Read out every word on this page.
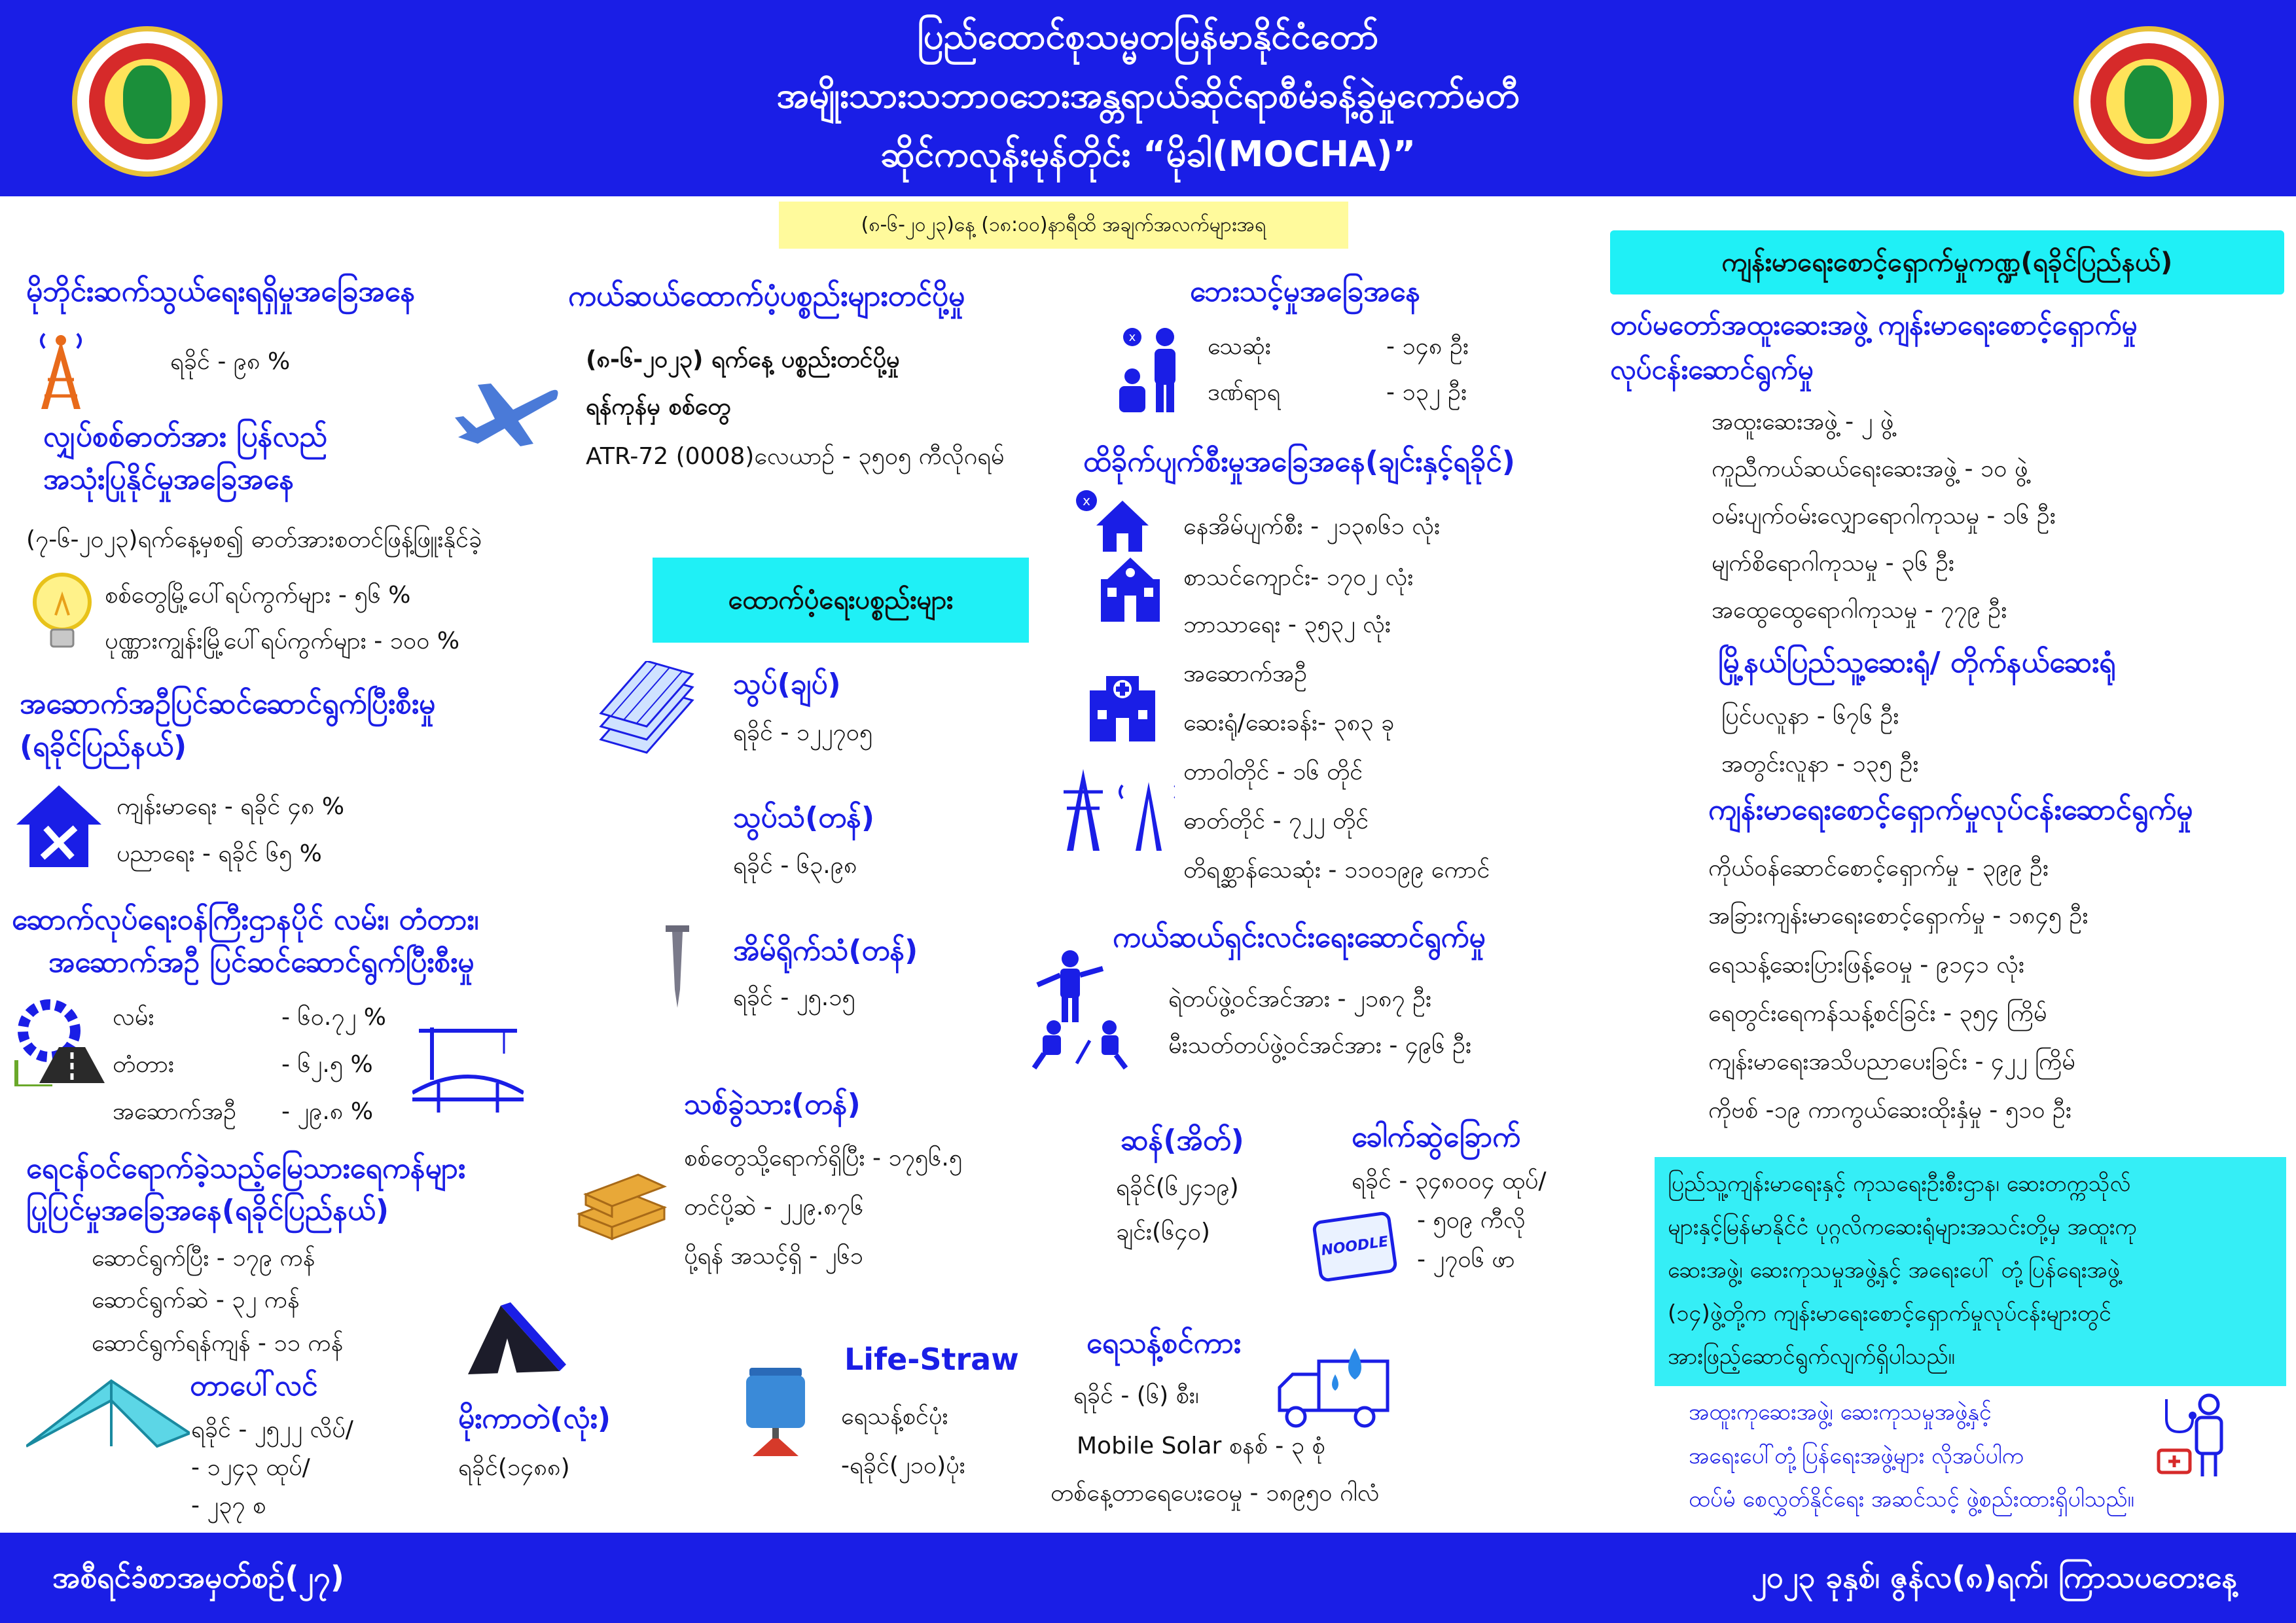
ပြည်ထောင်စုသမ္မတမြန်မာနိုင်ငံတော်
အမျိုးသားသဘာဝဘေးအန္တရာယ်ဆိုင်ရာစီမံခန့်ခွဲမှုကော်မတီ
ဆိုင်ကလုန်းမုန်တိုင်း “မိုခါ(MOCHA)”
(၈-၆-၂၀၂၃)နေ့ (၁၈:၀၀)နာရီထိ အချက်အလက်များအရ
မိုဘိုင်းဆက်သွယ်ရေးရရှိမှုအခြေအနေ
ရခိုင် - ၉၈ %
လျှပ်စစ်ဓာတ်အား ပြန်လည်
အသုံးပြုနိုင်မှုအခြေအနေ
(၇-၆-၂၀၂၃)ရက်နေ့မှစ၍ ဓာတ်အားစတင်ဖြန့်ဖြူးနိုင်ခဲ့
စစ်တွေမြို့ပေါ်ရပ်ကွက်များ - ၅၆ %
ပုဏ္ဏားကျွန်းမြို့ပေါ်ရပ်ကွက်များ - ၁၀၀ %
အဆောက်အဦပြင်ဆင်ဆောင်ရွက်ပြီးစီးမှု
(ရခိုင်ပြည်နယ်)
ကျန်းမာရေး - ရခိုင် ၄၈ %
ပညာရေး - ရခိုင် ၆၅ %
ဆောက်လုပ်ရေးဝန်ကြီးဌာနပိုင် လမ်း၊ တံတား၊
အဆောက်အဦ ပြင်ဆင်ဆောင်ရွက်ပြီးစီးမှု
လမ်း	- ၆၀.၇၂ %
တံတား	- ၆၂.၅ %
အဆောက်အဦ - ၂၉.၈ %
ရေငန်ဝင်ရောက်ခဲ့သည့်မြေသားရေကန်များ
ပြုပြင်မှုအခြေအနေ(ရခိုင်ပြည်နယ်)
ဆောင်ရွက်ပြီး - ၁၇၉ ကန်
ဆောင်ရွက်ဆဲ - ၃၂ ကန်
ဆောင်ရွက်ရန်ကျန် - ၁၁ ကန်
တာပေါ်လင်
ရခိုင် - ၂၅၂၂ လိပ်/
- ၁၂၄၃ ထုပ်/
- ၂၃၇ စ
မိုးကာတဲ(လုံး)
ရခိုင်(၁၄၈၈)
ကယ်ဆယ်ထောက်ပံ့ပစ္စည်းများတင်ပို့မှု
(၈-၆-၂၀၂၃) ရက်နေ့ ပစ္စည်းတင်ပို့မှု
ရန်ကုန်မှ စစ်တွေ
ATR-72 (0008)လေယာဉ် - ၃၅၀၅ ကီလိုဂရမ်
ထောက်ပံ့ရေးပစ္စည်းများ
သွပ်(ချပ်)
ရခိုင် - ၁၂၂၇၀၅
သွပ်သံ(တန်)
ရခိုင် - ၆၃.၉၈
အိမ်ရိုက်သံ(တန်)
ရခိုင် - ၂၅.၁၅
သစ်ခွဲသား(တန်)
စစ်တွေသို့ရောက်ရှိပြီး - ၁၇၅၆.၅
တင်ပို့ဆဲ - ၂၂၉.၈၇၆
ပို့ရန် အသင့်ရှိ - ၂၆၁
Life-Straw
ရေသန့်စင်ပုံး
-ရခိုင်(၂၁၀)ပုံး
ဘေးသင့်မှုအခြေအနေ
x	သေဆုံး	- ၁၄၈ ဦး
ဒဏ်ရာရ	- ၁၃၂ ဦး
ထိခိုက်ပျက်စီးမှုအခြေအနေ(ချင်းနှင့်ရခိုင်)
x
နေအိမ်ပျက်စီး - ၂၁၃၈၆၁ လုံး
စာသင်ကျောင်း- ၁၇၀၂ လုံး
ဘာသာရေး - ၃၅၃၂ လုံး
အဆောက်အဦ
ဆေးရုံ/ဆေးခန်း- ၃၈၃ ခု
တာဝါတိုင် - ၁၆ တိုင်
ဓာတ်တိုင် - ၇၂၂ တိုင်
တိရစ္ဆာန်သေဆုံး - ၁၁၀၁၉၉ ကောင်
ကယ်ဆယ်ရှင်းလင်းရေးဆောင်ရွက်မှု
ရဲတပ်ဖွဲ့ဝင်အင်အား - ၂၁၈၇ ဦး
မီးသတ်တပ်ဖွဲ့ဝင်အင်အား - ၄၉၆ ဦး
ဆန်(အိတ်)
ရခိုင်(၆၂၄၁၉)
ချင်း(၆၄၀)
ခေါက်ဆွဲခြောက်
ရခိုင် - ၃၄၈၀၀၄ ထုပ်/
- ၅၀၉ ကီလို
- ၂၇၀၆ ဖာ
NOODLE
ရေသန့်စင်ကား
ရခိုင် - (၆) စီး၊
Mobile Solar စနစ် - ၃ စုံ
တစ်နေ့တာရေပေးဝေမှု - ၁၈၉၅၀ ဂါလံ
ကျန်းမာရေးစောင့်ရှောက်မှုကဏ္ဍ(ရခိုင်ပြည်နယ်)
တပ်မတော်အထူးဆေးအဖွဲ့ ကျန်းမာရေးစောင့်ရှောက်မှု
လုပ်ငန်းဆောင်ရွက်မှု
အထူးဆေးအဖွဲ့ - ၂ ဖွဲ့
ကူညီကယ်ဆယ်ရေးဆေးအဖွဲ့ - ၁၀ ဖွဲ့
ဝမ်းပျက်ဝမ်းလျှောရောဂါကုသမှု - ၁၆ ဦး
မျက်စိရောဂါကုသမှု - ၃၆ ဦး
အထွေထွေရောဂါကုသမှု - ၇၇၉ ဦး
မြို့နယ်ပြည်သူ့ဆေးရုံ/ တိုက်နယ်ဆေးရုံ
ပြင်ပလူနာ - ၆၇၆ ဦး
အတွင်းလူနာ - ၁၃၅ ဦး
ကျန်းမာရေးစောင့်ရှောက်မှုလုပ်ငန်းဆောင်ရွက်မှု
ကိုယ်ဝန်ဆောင်စောင့်ရှောက်မှု - ၃၉၉ ဦး
အခြားကျန်းမာရေးစောင့်ရှောက်မှု - ၁၈၄၅ ဦး
ရေသန့်ဆေးပြားဖြန့်ဝေမှု - ၉၁၄၁ လုံး
ရေတွင်းရေကန်သန့်စင်ခြင်း - ၃၅၄ ကြိမ်
ကျန်းမာရေးအသိပညာပေးခြင်း - ၄၂၂ ကြိမ်
ကိုဗစ် -၁၉ ကာကွယ်ဆေးထိုးနှံမှု - ၅၁၀ ဦး
ပြည်သူ့ကျန်းမာရေးနှင့် ကုသရေးဦးစီးဌာန၊ ဆေးတက္ကသိုလ်
များနှင့်မြန်မာနိုင်ငံ ပုဂ္ဂလိကဆေးရုံများအသင်းတို့မှ အထူးကု
ဆေးအဖွဲ့၊ ဆေးကုသမှုအဖွဲ့နှင့် အရေးပေါ် တုံ့ပြန်ရေးအဖွဲ့
(၁၄)ဖွဲ့တို့က ကျန်းမာရေးစောင့်ရှောက်မှုလုပ်ငန်းများတွင်
အားဖြည့်ဆောင်ရွက်လျက်ရှိပါသည်။
အထူးကုဆေးအဖွဲ့၊ ဆေးကုသမှုအဖွဲ့နှင့်
အရေးပေါ်တုံ့ပြန်ရေးအဖွဲ့များ လိုအပ်ပါက
ထပ်မံ စေလွှတ်နိုင်ရေး အဆင်သင့် ဖွဲ့စည်းထားရှိပါသည်။
အစီရင်ခံစာအမှတ်စဉ်(၂၇)	၂၀၂၃ ခုနှစ်၊ ဇွန်လ(၈)ရက်၊ ကြာသပတေးနေ့
